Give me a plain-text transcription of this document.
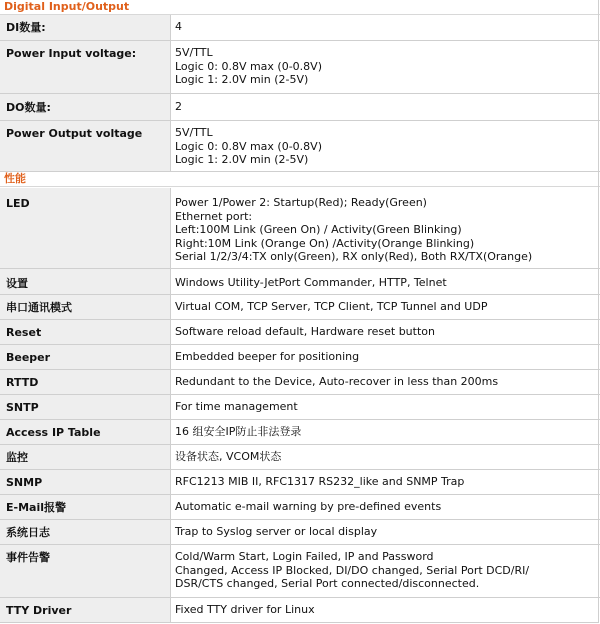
Digital Input/Output
DI数量:	4
Power Input voltage:	5V/TTL
Logic 0: 0.8V max (0-0.8V)
Logic 1: 2.0V min (2-5V)
DO数量:	2
Power Output voltage	5V/TTL
Logic 0: 0.8V max (0-0.8V)
Logic 1: 2.0V min (2-5V)
性能
LED	Power 1/Power 2: Startup(Red); Ready(Green)
Ethernet port:
Left:100M Link (Green On) / Activity(Green Blinking)
Right:10M Link (Orange On) /Activity(Orange Blinking)
Serial 1/2/3/4:TX only(Green), RX only(Red), Both RX/TX(Orange)
设置	Windows Utility-JetPort Commander, HTTP, Telnet
串口通讯模式	Virtual COM, TCP Server, TCP Client, TCP Tunnel and UDP
Reset	Software reload default, Hardware reset button
Beeper	Embedded beeper for positioning
RTTD	Redundant to the Device, Auto-recover in less than 200ms
SNTP	For time management
Access IP Table	16 组安全IP防止非法登录
监控	设备状态, VCOM状态
SNMP	RFC1213 MIB II, RFC1317 RS232_like and SNMP Trap
E-Mail报警	Automatic e-mail warning by pre-defined events
系统日志	Trap to Syslog server or local display
事件告警	Cold/Warm Start, Login Failed, IP and Password
Changed, Access IP Blocked, DI/DO changed, Serial Port DCD/RI/
DSR/CTS changed, Serial Port connected/disconnected.
TTY Driver	Fixed TTY driver for Linux
